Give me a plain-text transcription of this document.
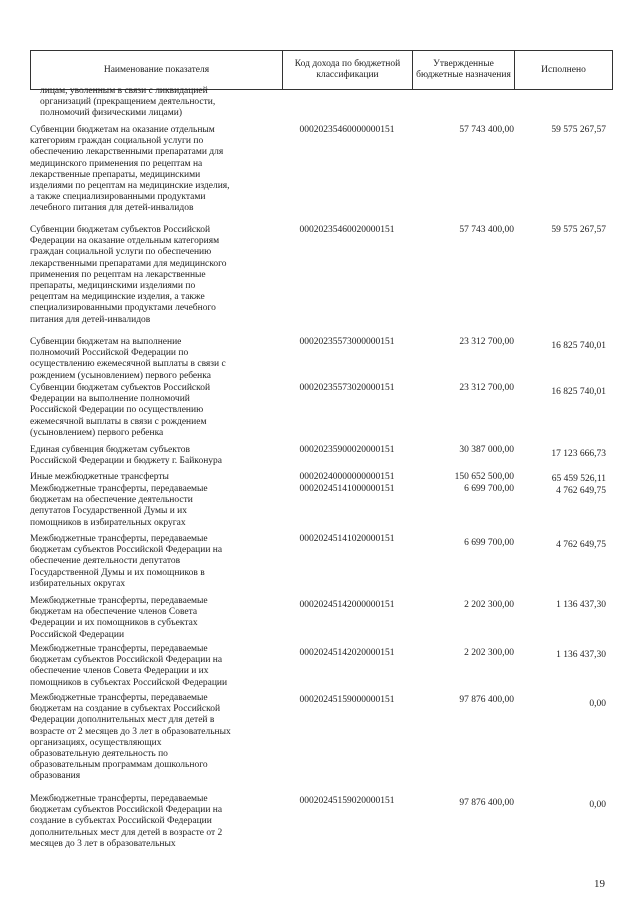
Наименование показателя	Код дохода по бюджетной классификации	Утвержденные бюджетные назначения	Исполнено

лицам, уволенным в связи с ликвидацией
организаций (прекращением деятельности,
полномочий физическими лицами)

Субвенции бюджетам на оказание отдельным
категориям граждан социальной услуги по
обеспечению лекарственными препаратами для
медицинского применения по рецептам на
лекарственные препараты, медицинскими
изделиями по рецептам на медицинские изделия,
а также специализированными продуктами
лечебного питания для детей-инвалидов

00020235460000000151	57 743 400,00	59 575 267,57

Субвенции бюджетам субъектов Российской
Федерации на оказание отдельным категориям
граждан социальной услуги по обеспечению
лекарственными препаратами для медицинского
применения по рецептам на лекарственные
препараты, медицинскими изделиями по
рецептам на медицинские изделия, а также
специализированными продуктами лечебного
питания для детей-инвалидов

00020235460020000151	57 743 400,00	59 575 267,57

Субвенции бюджетам на выполнение
полномочий Российской Федерации по
осуществлению ежемесячной выплаты в связи с
рождением (усыновлением) первого ребенка

00020235573000000151	23 312 700,00	16 825 740,01

Субвенции бюджетам субъектов Российской
Федерации на выполнение полномочий
Российской Федерации по осуществлению
ежемесячной выплаты в связи с рождением
(усыновлением) первого ребенка

00020235573020000151	23 312 700,00	16 825 740,01

Единая субвенция бюджетам субъектов
Российской Федерации и бюджету г. Байконура

00020235900020000151	30 387 000,00	17 123 666,73

Иные межбюджетные трансферты	00020240000000000151	150 652 500,00	65 459 526,11

Межбюджетные трансферты, передаваемые
бюджетам на обеспечение деятельности
депутатов Государственной Думы и их
помощников в избирательных округах

00020245141000000151	6 699 700,00	4 762 649,75

Межбюджетные трансферты, передаваемые
бюджетам субъектов Российской Федерации на
обеспечение деятельности депутатов
Государственной Думы и их помощников в
избирательных округах

00020245141020000151	6 699 700,00	4 762 649,75

Межбюджетные трансферты, передаваемые
бюджетам на обеспечение членов Совета
Федерации и их помощников в субъектах
Российской Федерации

00020245142000000151	2 202 300,00	1 136 437,30

Межбюджетные трансферты, передаваемые
бюджетам субъектов Российской Федерации на
обеспечение членов Совета Федерации и их
помощников в субъектах Российской Федерации

00020245142020000151	2 202 300,00	1 136 437,30

Межбюджетные трансферты, передаваемые
бюджетам на создание в субъектах Российской
Федерации дополнительных мест для детей в
возрасте от 2 месяцев до 3 лет в образовательных
организациях, осуществляющих
образовательную деятельность по
образовательным программам дошкольного
образования

00020245159000000151	97 876 400,00	0,00

Межбюджетные трансферты, передаваемые
бюджетам субъектов Российской Федерации на
создание в субъектах Российской Федерации
дополнительных мест для детей в возрасте от 2
месяцев до 3 лет в образовательных

00020245159020000151	97 876 400,00	0,00
19
